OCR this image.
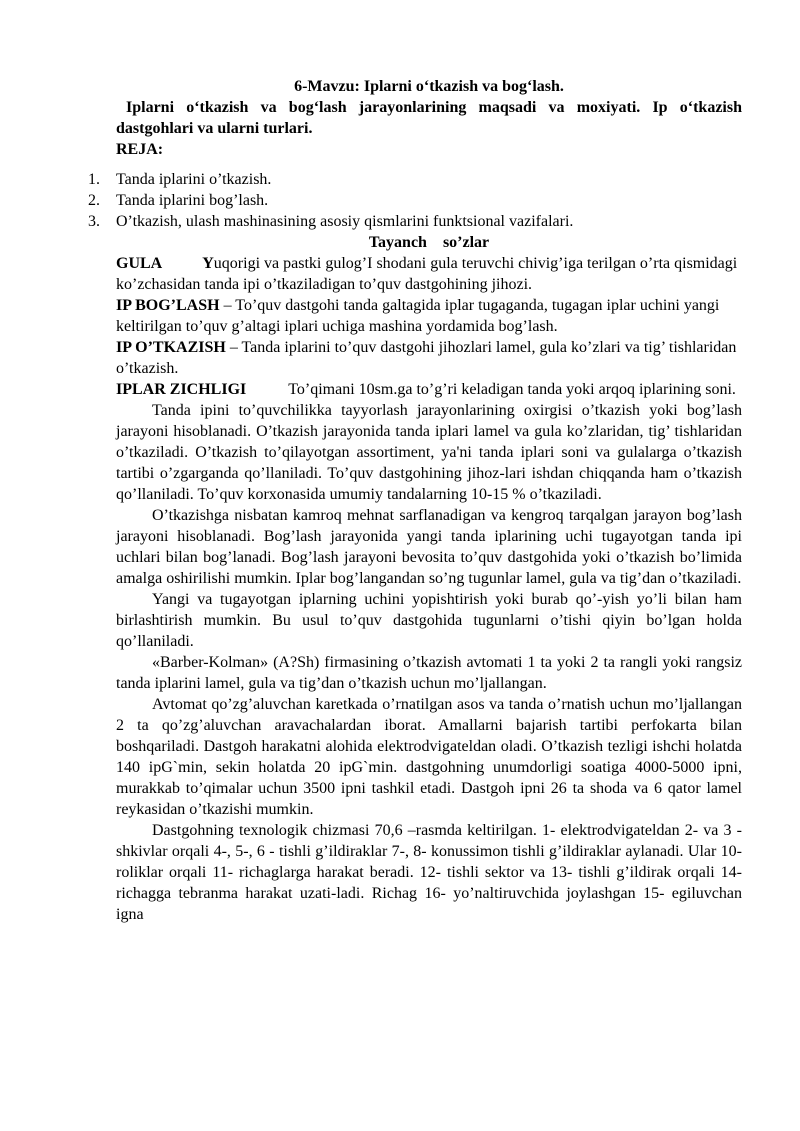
6-Mavzu: Iplarni o‘tkazish va bog‘lash.

Iplarni o‘tkazish va bog‘lash jarayonlarining maqsadi va moxiyati. Ip o‘tkazish dastgohlari va ularni turlari.

REJA:

1. Tanda iplarini o’tkazish.
2. Tanda iplarini bog’lash.
3. O’tkazish, ulash mashinasining asosiy qismlarini funktsional vazifalari.

Tayanch    so’zlar

GULA	Yuqorigi va pastki gulog’I shodani gula teruvchi chivig’iga terilgan o’rta qismidagi ko’zchasidan tanda ipi o’tkaziladigan to’quv dastgohining jihozi.

IP BOG’LASH – To’quv dastgohi tanda galtagida iplar tugaganda, tugagan iplar uchini yangi keltirilgan to’quv g’altagi iplari uchiga mashina yordamida bog’lash.

IP O’TKAZISH – Tanda iplarini to’quv dastgohi jihozlari lamel, gula ko’zlari va tig’ tishlaridan o’tkazish.

IPLAR ZICHLIGI	To’qimani 10sm.ga to’g’ri keladigan tanda yoki arqoq iplarining soni.

Tanda ipini to’quvchilikka tayyorlash jarayonlarining oxirgisi o’tkazish yoki bog’lash jarayoni hisoblanadi. O’tkazish jarayonida tanda iplari lamel va gula ko’zlaridan, tig’ tishlaridan o’tkaziladi. O’tkazish to’qilayotgan assortiment, ya'ni tanda iplari soni va gulalarga o’tkazish tartibi o’zgarganda qo’llaniladi. To’quv dastgohining jihoz-lari ishdan chiqqanda ham o’tkazish qo’llaniladi. To’quv korxonasida umumiy tandalarning 10-15 % o’tkaziladi.

O’tkazishga nisbatan kamroq mehnat sarflanadigan va kengroq tarqalgan jarayon bog’lash jarayoni hisoblanadi. Bog’lash jarayonida yangi tanda iplarining uchi tugayotgan tanda ipi uchlari bilan bog’lanadi. Bog’lash jarayoni bevosita to’quv dastgohida yoki o’tkazish bo’limida amalga oshirilishi mumkin. Iplar bog’langandan so’ng tugunlar lamel, gula va tig’dan o’tkaziladi.

Yangi va tugayotgan iplarning uchini yopishtirish yoki burab qo’-yish yo’li bilan ham birlashtirish mumkin. Bu usul to’quv dastgohida tugunlarni o’tishi qiyin bo’lgan holda qo’llaniladi.

«Barber-Kolman» (A?Sh) firmasining o’tkazish avtomati 1 ta yoki 2 ta rangli yoki rangsiz tanda iplarini lamel, gula va tig’dan o’tkazish uchun mo’ljallangan.

Avtomat qo’zg’aluvchan karetkada o’rnatilgan asos va tanda o’rnatish uchun mo’ljallangan 2 ta qo’zg’aluvchan aravachalardan iborat. Amallarni bajarish tartibi perfokarta bilan boshqariladi. Dastgoh harakatni alohida elektrodvigateldan oladi. O’tkazish tezligi ishchi holatda 140 ipG`min, sekin holatda 20 ipG`min. dastgohning unumdorligi soatiga 4000-5000 ipni, murakkab to’qimalar uchun 3500 ipni tashkil etadi. Dastgoh ipni 26 ta shoda va 6 qator lamel reykasidan o’tkazishi mumkin.

Dastgohning texnologik chizmasi 70,6 –rasmda keltirilgan. 1- elektrodvigateldan 2- va 3 - shkivlar orqali 4-, 5-, 6 - tishli g’ildiraklar 7-, 8- konussimon tishli g’ildiraklar aylanadi. Ular 10- roliklar orqali 11- richaglarga harakat beradi. 12- tishli sektor va 13- tishli g’ildirak orqali 14- richagga tebranma harakat uzati-ladi. Richag 16- yo’naltiruvchida joylashgan 15- egiluvchan igna
